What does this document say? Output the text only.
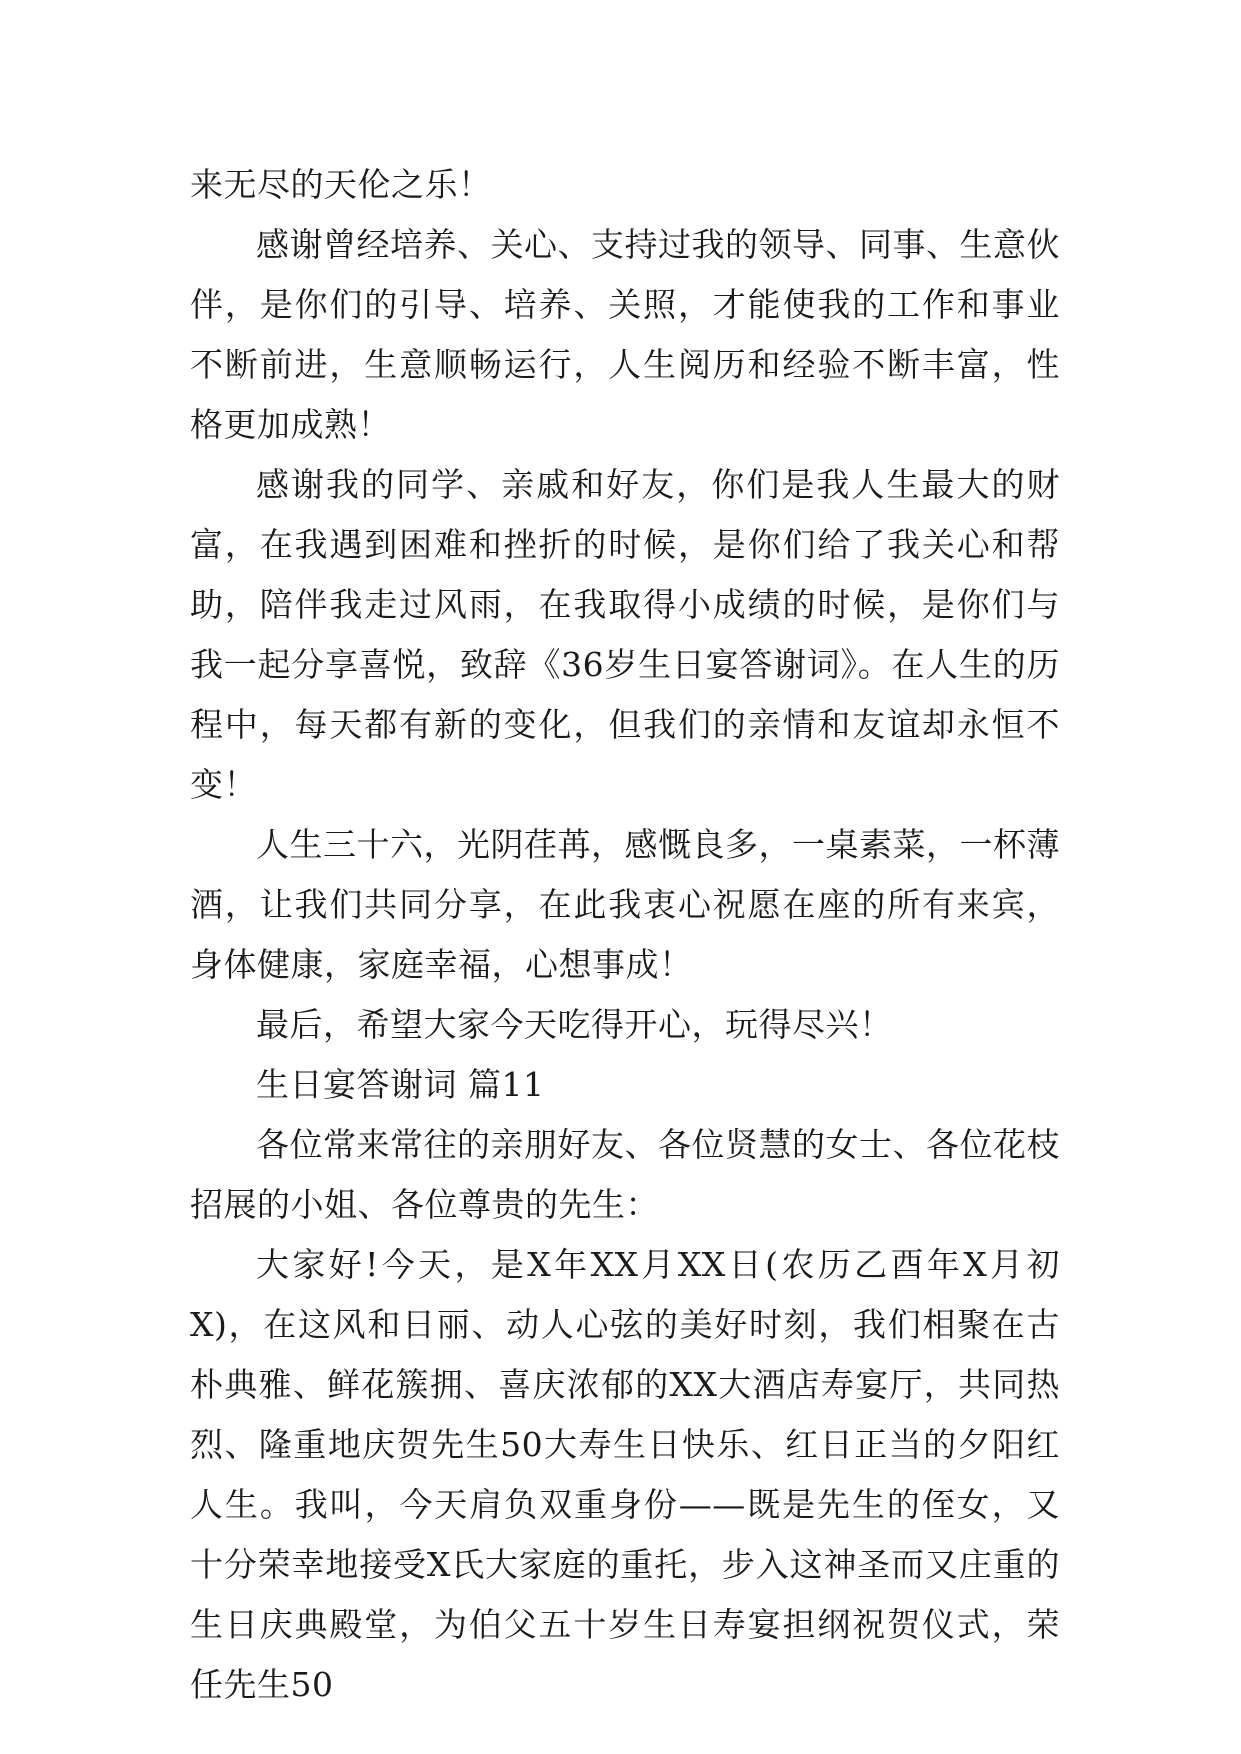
来无尽的天伦之乐！

感谢曾经培养、关心、支持过我的领导、同事、生意伙伴，是你们的引导、培养、关照，才能使我的工作和事业不断前进，生意顺畅运行，人生阅历和经验不断丰富，性格更加成熟！

感谢我的同学、亲戚和好友，你们是我人生最大的财富，在我遇到困难和挫折的时候，是你们给了我关心和帮助，陪伴我走过风雨，在我取得小成绩的时候，是你们与我一起分享喜悦，致辞《36岁生日宴答谢词》。在人生的历程中，每天都有新的变化，但我们的亲情和友谊却永恒不变！

人生三十六，光阴荏苒，感慨良多，一桌素菜，一杯薄酒，让我们共同分享，在此我衷心祝愿在座的所有来宾，身体健康，家庭幸福，心想事成！

最后，希望大家今天吃得开心，玩得尽兴！

生日宴答谢词 篇11

各位常来常往的亲朋好友、各位贤慧的女士、各位花枝招展的小姐、各位尊贵的先生：

大家好!今天，是X年XX月XX日(农历乙酉年X月初X)，在这风和日丽、动人心弦的美好时刻，我们相聚在古朴典雅、鲜花簇拥、喜庆浓郁的XX大酒店寿宴厅，共同热烈、隆重地庆贺先生50大寿生日快乐、红日正当的夕阳红人生。我叫，今天肩负双重身份——既是先生的侄女，又十分荣幸地接受X氏大家庭的重托，步入这神圣而又庄重的生日庆典殿堂，为伯父五十岁生日寿宴担纲祝贺仪式，荣任先生50
